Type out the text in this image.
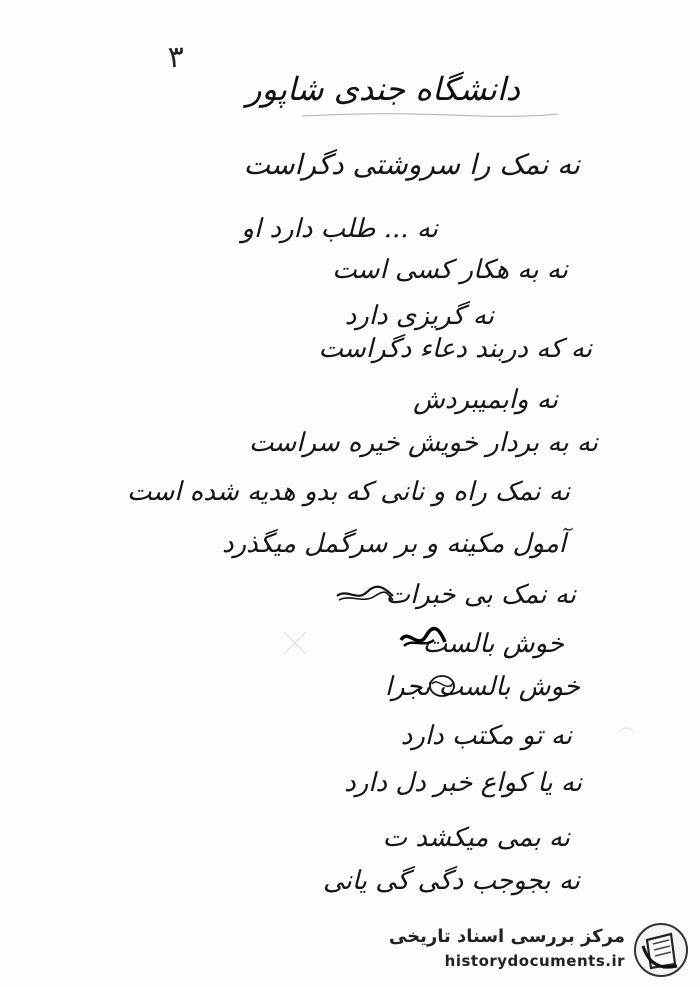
۳
دانشگاه جندی شاپور
نه نمک را سروشتی دگراست
نه ... طلب دارد او
نه به هکار کسی است
نه گریزی دارد
نه که دربند دعاء دگراست
نه وابمیبردش
نه به بردار خویش خیره سراست
نه نمک راه و نانی که بدو هدیه شده است
آمول مکینه و بر سرگمل میگذرد
نه نمک بی خبرات
خوش بالست
خوش بالست نجرا
نه تو مکتب دارد
نه یا کواع خبر دل دارد
نه بمی میکشد ت
نه بجوجب دگی گی یانی
مرکز بررسی اسناد تاریخی
historydocuments.ir
